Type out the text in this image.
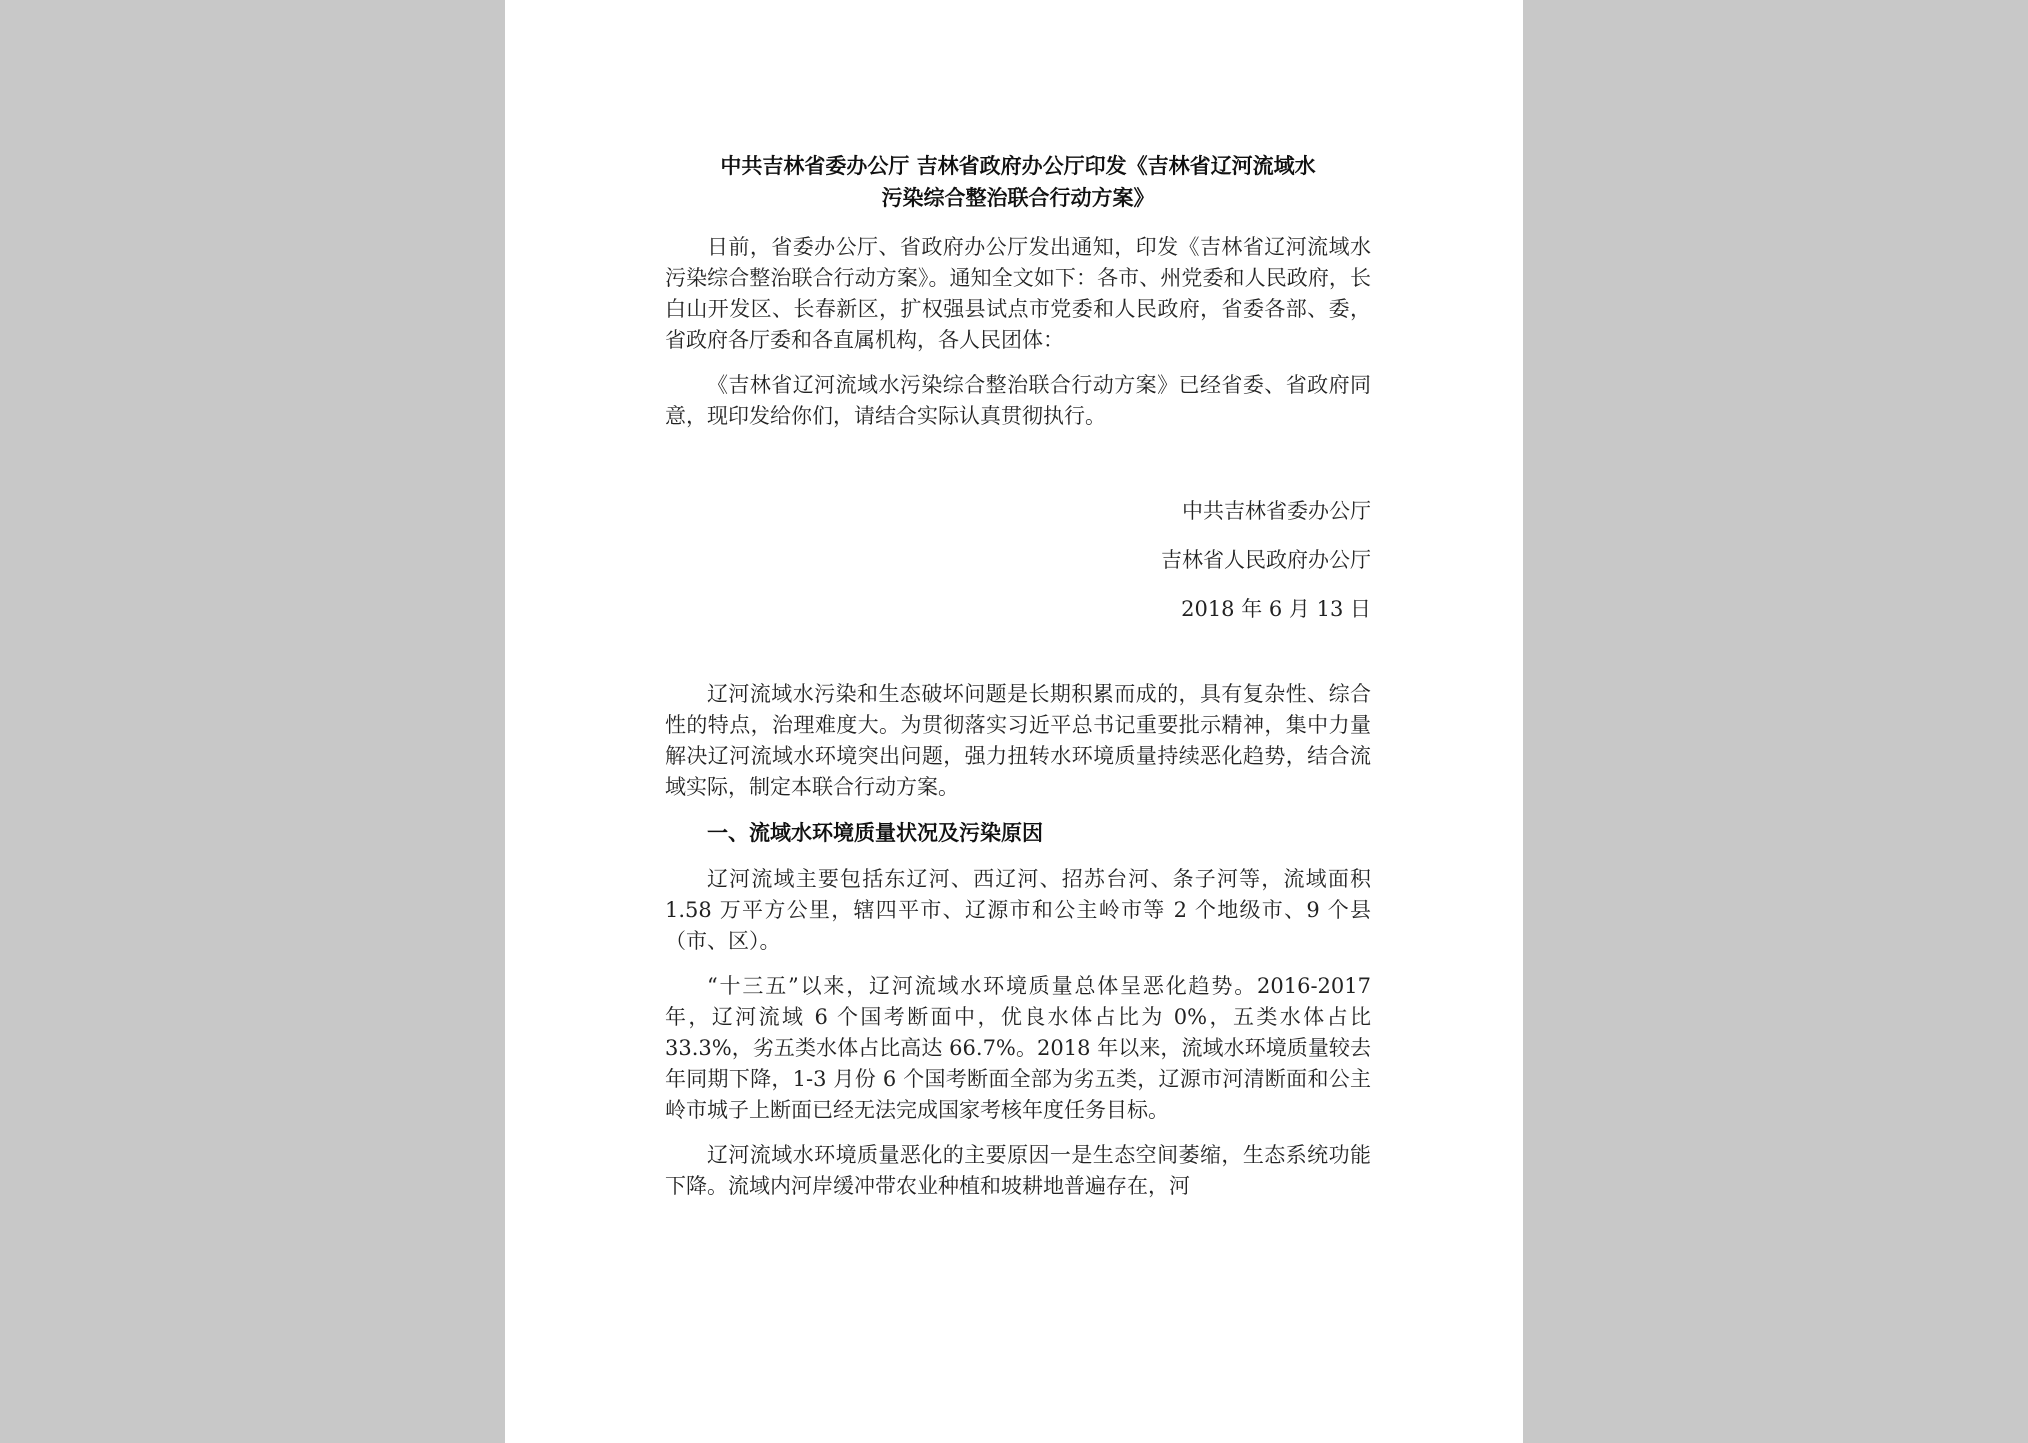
中共吉林省委办公厅 吉林省政府办公厅印发《吉林省辽河流域水
污染综合整治联合行动方案》

日前，省委办公厅、省政府办公厅发出通知，印发《吉林省辽河流域水污染综合整治联合行动方案》。通知全文如下：各市、州党委和人民政府，长白山开发区、长春新区，扩权强县试点市党委和人民政府，省委各部、委，省政府各厅委和各直属机构，各人民团体：

《吉林省辽河流域水污染综合整治联合行动方案》已经省委、省政府同意，现印发给你们，请结合实际认真贯彻执行。

中共吉林省委办公厅
吉林省人民政府办公厅
2018 年 6 月 13 日

辽河流域水污染和生态破坏问题是长期积累而成的，具有复杂性、综合性的特点，治理难度大。为贯彻落实习近平总书记重要批示精神，集中力量解决辽河流域水环境突出问题，强力扭转水环境质量持续恶化趋势，结合流域实际，制定本联合行动方案。

一、流域水环境质量状况及污染原因

辽河流域主要包括东辽河、西辽河、招苏台河、条子河等，流域面积 1.58 万平方公里，辖四平市、辽源市和公主岭市等 2 个地级市、9 个县（市、区）。

“十三五”以来，辽河流域水环境质量总体呈恶化趋势。2016-2017 年，辽河流域 6 个国考断面中，优良水体占比为 0%，五类水体占比 33.3%，劣五类水体占比高达 66.7%。2018 年以来，流域水环境质量较去年同期下降，1-3 月份 6 个国考断面全部为劣五类，辽源市河清断面和公主岭市城子上断面已经无法完成国家考核年度任务目标。

辽河流域水环境质量恶化的主要原因一是生态空间萎缩，生态系统功能下降。流域内河岸缓冲带农业种植和坡耕地普遍存在，河
